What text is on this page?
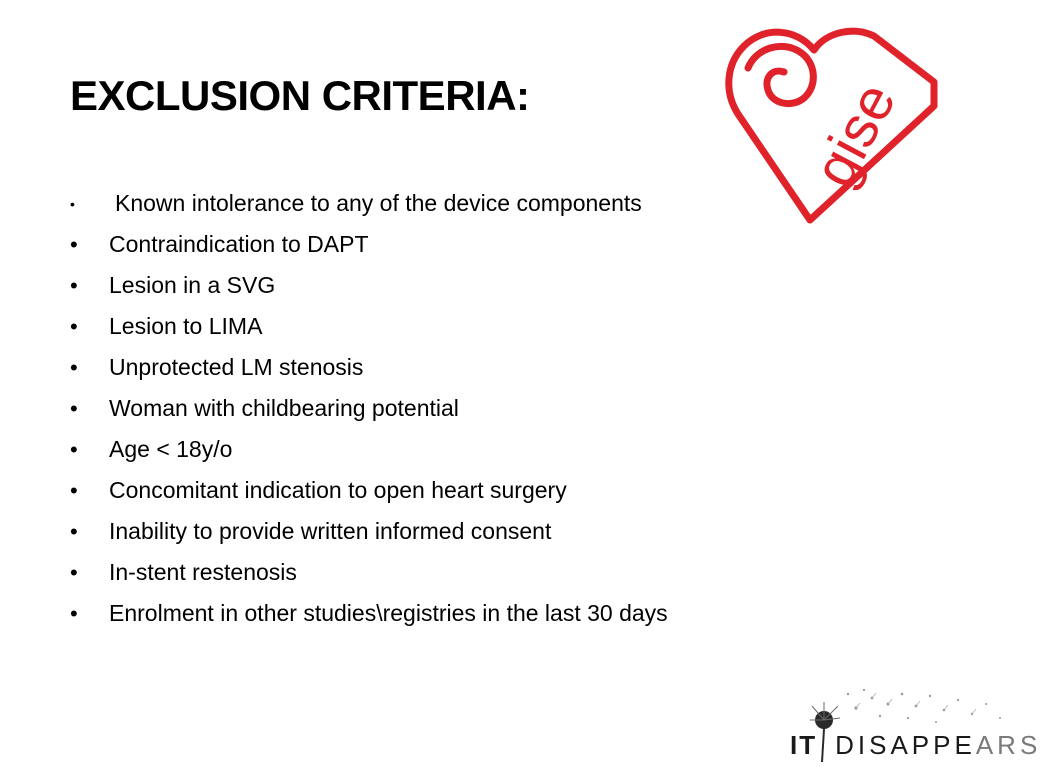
EXCLUSION CRITERIA:
•	Known intolerance to any of the device components
•	Contraindication to DAPT
•	Lesion in a SVG
•	Lesion to LIMA
•	Unprotected LM stenosis
•	Woman with childbearing potential
•	Age < 18y/o
•	Concomitant indication to open heart surgery
•	Inability to provide written informed consent
•	In-stent restenosis
•	Enrolment in other studies\registries in the last 30 days
gise
IT DISAPPEARS
